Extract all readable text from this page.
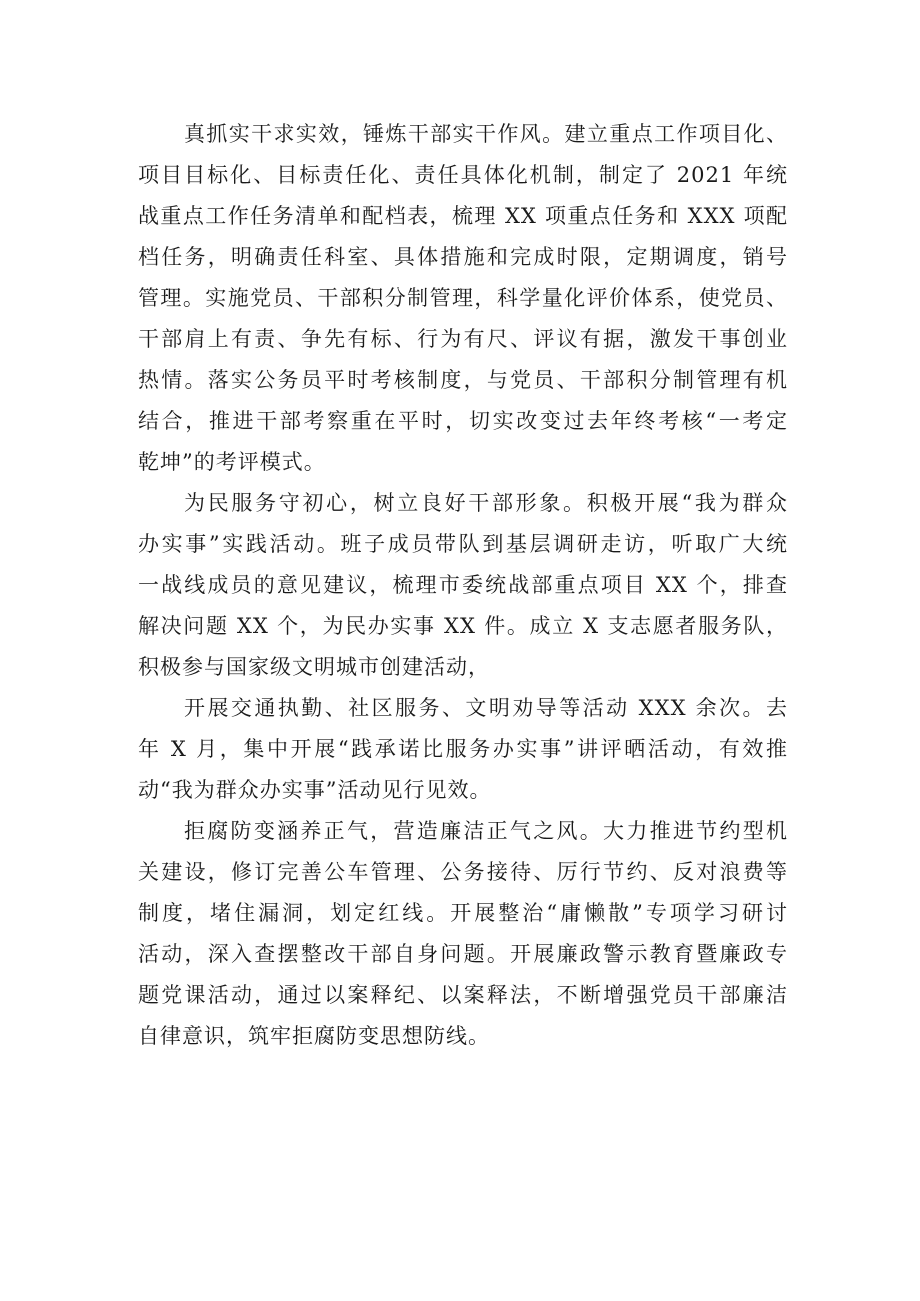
真抓实干求实效，锤炼干部实干作风。建立重点工作项目化、
项目目标化、目标责任化、责任具体化机制，制定了 2021 年统
战重点工作任务清单和配档表，梳理 XX 项重点任务和 XXX 项配
档任务，明确责任科室、具体措施和完成时限，定期调度，销号
管理。实施党员、干部积分制管理，科学量化评价体系，使党员、
干部肩上有责、争先有标、行为有尺、评议有据，激发干事创业
热情。落实公务员平时考核制度，与党员、干部积分制管理有机
结合，推进干部考察重在平时，切实改变过去年终考核“一考定
乾坤”的考评模式。
为民服务守初心，树立良好干部形象。积极开展“我为群众
办实事”实践活动。班子成员带队到基层调研走访，听取广大统
一战线成员的意见建议，梳理市委统战部重点项目 XX 个，排查
解决问题 XX 个，为民办实事 XX 件。成立 X 支志愿者服务队，
积极参与国家级文明城市创建活动，
开展交通执勤、社区服务、文明劝导等活动 XXX 余次。去
年 X 月，集中开展“践承诺比服务办实事”讲评晒活动，有效推
动“我为群众办实事”活动见行见效。
拒腐防变涵养正气，营造廉洁正气之风。大力推进节约型机
关建设，修订完善公车管理、公务接待、厉行节约、反对浪费等
制度，堵住漏洞，划定红线。开展整治“庸懒散”专项学习研讨
活动，深入查摆整改干部自身问题。开展廉政警示教育暨廉政专
题党课活动，通过以案释纪、以案释法，不断增强党员干部廉洁
自律意识，筑牢拒腐防变思想防线。
